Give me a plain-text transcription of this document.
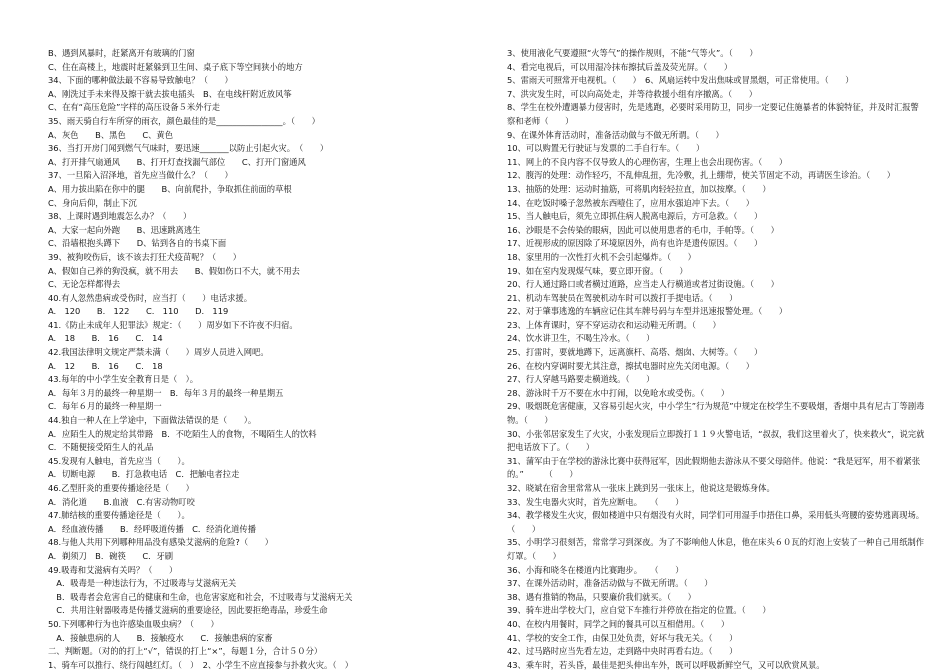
B、遇到风暴时，赶紧离开有玻璃的门窗
C、住在高楼上，地震时赶紧躲到卫生间、桌子底下等空间狭小的地方
34、下面的哪种做法最不容易导致触电？（　　）
A、刚洗过手未来得及擦干就去拔电插头　B、在电线杆附近放风筝
C、在有“高压危险”字样的高压设备５米外行走
35、雨天骑自行车所穿的雨衣，颜色最佳的是________________。（　　）
A、灰色　　B、黑色　　C、黄色
36、当打开房门闻到燃气气味时，要迅速_______以防止引起火灾。　（　　）
A、打开排气扇通风　　B、打开灯查找漏气部位　　C、打开门窗通风
37、一旦陷入沼泽地，首先应当做什么？（　　）
A、用力拔出陷在你中的腿　　B、向前爬扑，争取抓住前面的草根
C、身向后仰，制止下沉
38、上课时遇到地震怎么办？（　　）
A、大家一起向外跑　　B、迅速跳离逃生
C、沿墙根抱头蹲下　　D、钻到各自的书桌下面
39、被狗咬伤后，该不该去打狂犬疫苗呢？（　　）
A、假如自己养的狗没疯，就不用去　　B、假如伤口不大，就不用去
C、无论怎样都得去
40.有人忽然患病或受伤时，应当打（　　）电话求援。
A.　120　　B.　122　　C.　110　　D.　119
41.《防止未成年人犯罪法》规定：（　　）周岁如下不许夜不归宿。
A.　18　　B.　16　　C.　14
42.我国法律明文规定严禁未满（　　）周岁人员进入网吧。
A.　12　　B.　16　　C.　18
43.每年的中小学生安全教育日是（　）。
A．每年３月的最终一种星期一　B．每年３月的最终一种星期五
C．每年６月的最终一种星期一
44.独自一种人在上学途中，下面做法错误的是（　　）。
A．应陌生人的规定给其带路　B．不吃陌生人的食物，不喝陌生人的饮料
C．不随便接受陌生人的礼品
45.发现有人触电，首先应当（　　）。
A．切断电源　　B．打急救电话　C．把触电者拉走
46.乙型肝炎的重要传播途径是（　　）
A．消化道　　B.血液　C.有害动物叮咬
47.肺结核的重要传播途径是（　　）。
A．经血液传播　　B．经呼吸道传播　C．经消化道传播
48.与他人共用下列哪种用品没有感染艾滋病的危险?（　　）
A．剃须刀　B．碗筷　　C．牙刷
49.吸毒和艾滋病有关吗？（　　）
　A．吸毒是一种违法行为，不过吸毒与艾滋病无关
　B．吸毒者会危害自己的健康和生命，也危害家庭和社会，不过吸毒与艾滋病无关
　C．共用注射器吸毒是传播艾滋病的重要途径，因此要拒绝毒品，珍爱生命
50.下列哪种行为也许感染血吸虫病？（　　）
　A．接触患病的人　　B．接触疫水　　C．接触患病的家畜
二、判断题。（对的的打上“√”，错误的打上“×”，每题１分，合计５０分）
1、骑车可以推行、绕行闯越红灯。（　）　2、小学生不应直接参与扑救火灾。（　）
3、使用液化气要遵照“火等气”的操作规则，不能“气等火”。（　　）
4、看完电视后，可以用湿冷抹布擦拭后盖及荧光屏。（　　）
5、雷雨天可照常开电视机。（　　）　6、风扇运转中发出焦味或冒黑烟，可正常使用。（　　）
7、洪灾发生时，可以向高处走，并等待救援小组有序撤离。（　　）
8、学生在校外遭遇暴力侵害时，先是逃跑，必要时采用防卫，同步一定要记住施暴者的体貌特征，并及时汇报警察和老师（　　）
9、在课外体育活动时，准备活动做与不做无所谓。（　　）
10、可以购置无行驶证与发票的二手自行车。（　　）
11、网上的不良内容不仅导致人的心理伤害，生理上也会出现伤害。（　　）
12、腹泻的处理：动作轻巧，不乱伸乱扭，先冷敷，扎上绷带，使关节固定不动，再请医生诊治。（　　）
13、抽筋的处理：运动时抽筋，可将肌肉轻轻拉直，加以按摩。（　　）
14、在吃饭时嗓子忽然被东西噎住了，应用水强迫冲下去。（　　）
15、当人触电后，须先立即抓住病人脱离电源后，方可急救。（　　）
16、沙眼是不会传染的眼病，因此可以使用患者的毛巾，手帕等。（　　）
17、近视形成的原因除了环境原因外，尚有也许是遗传原因。（　　）
18、家里用的一次性打火机不会引起爆炸。（　　）
19、如在室内发现煤气味，要立即开窗。（　　）
20、行人通过路口或者横过道路，应当走人行横道或者过街设施。（　　）
21、机动车驾驶员在驾驶机动车时可以拨打手提电话。（　　）
22、对于肇事逃逸的车辆应记住其车牌号码与车型并迅速报警处理。（　　）
23、上体育课时，穿不穿运动衣和运动鞋无所谓。（　　）
24、饮水讲卫生，不喝生冷水。（　　）
25、打雷时，要就地蹲下，远离旗杆、高塔、烟囱、大树等。（　　）
26、在校内穿调时要尤其注意，擦拭电器时应先关闭电源。（　　）
27、行人穿越马路要走横道线。（　　）
28、游泳时千万不要在水中打闹，以免呛水或受伤。（　　）
29、吸烟既危害健康，又容易引起火灾，中小学生”行为规范”中规定在校学生不要吸烟，香烟中具有尼古丁等剧毒物。（　　）
30、小张邻居家发生了火灾，小张发现后立即拨打１１９火警电话，“叔叔，我们这里着火了，快来救火”，说完就把电话放下了。（　　）
31、蒲军由于在学校的游泳比赛中获得冠军，因此假期他去游泳从不要父母陪伴。他说：“我是冠军，用不着紧张的。”　　　（　　）
32、晓斌在宿舍里常常从一张床上跳到另一张床上，他说这是锻炼身体。
33、发生电器火灾时，首先应断电。　　（　　）
34、教学楼发生火灾，假如楼道中只有烟没有火时，同学们可用湿手巾捂住口鼻，采用低头弯腰的姿势逃离现场。（　　）
35、小明学习很刻苦，常常学习到深夜。为了不影响他人休息，他在床头６０瓦的灯泡上安装了一种自己用纸制作灯罩。（　　）
36、小海和晓冬在楼道内比赛跑步。　　（　　）
37、在课外活动时，准备活动做与不做无所谓。（　　）
38、遇有推销的物品，只要廉价我们就买。（　　）
39、骑车进出学校大门，应自觉下车推行并停放在指定的位置。（　　）
40、在校内用餐时，同学之间的餐具可以互相借用。（　　）
41、学校的安全工作，由保卫处负责，好坏与我无关。（　　）
42、过马路时应当先看左边，走到路中央时再看右边。（　　）
43、乘车时，若头昏，最佳是把头伸出车外，既可以呼吸新鲜空气，又可以欣赏风景。
